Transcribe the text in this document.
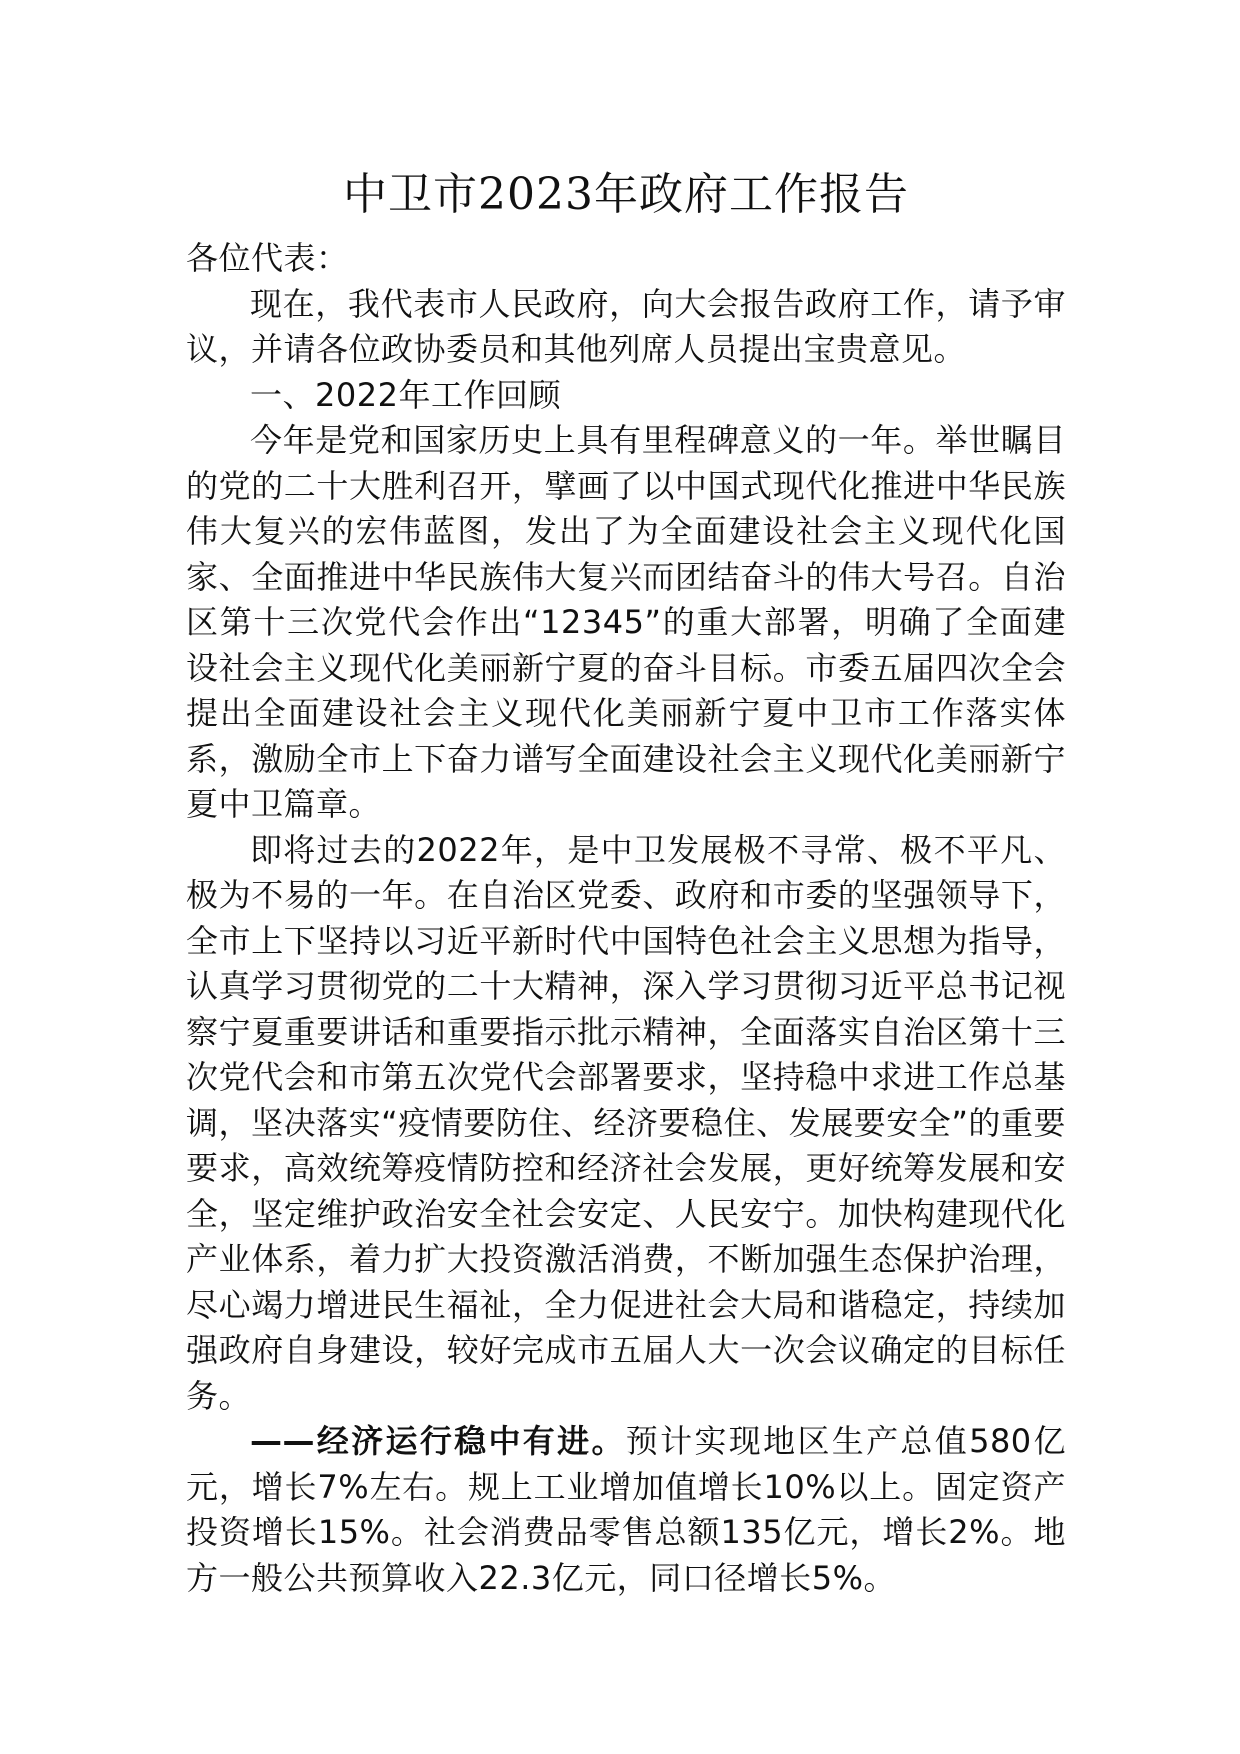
中卫市2023年政府工作报告

各位代表：

现在，我代表市人民政府，向大会报告政府工作，请予审议，并请各位政协委员和其他列席人员提出宝贵意见。

一、2022年工作回顾

今年是党和国家历史上具有里程碑意义的一年。举世瞩目的党的二十大胜利召开，擘画了以中国式现代化推进中华民族伟大复兴的宏伟蓝图，发出了为全面建设社会主义现代化国家、全面推进中华民族伟大复兴而团结奋斗的伟大号召。自治区第十三次党代会作出“12345”的重大部署，明确了全面建设社会主义现代化美丽新宁夏的奋斗目标。市委五届四次全会提出全面建设社会主义现代化美丽新宁夏中卫市工作落实体系，激励全市上下奋力谱写全面建设社会主义现代化美丽新宁夏中卫篇章。

即将过去的2022年，是中卫发展极不寻常、极不平凡、极为不易的一年。在自治区党委、政府和市委的坚强领导下，全市上下坚持以习近平新时代中国特色社会主义思想为指导，认真学习贯彻党的二十大精神，深入学习贯彻习近平总书记视察宁夏重要讲话和重要指示批示精神，全面落实自治区第十三次党代会和市第五次党代会部署要求，坚持稳中求进工作总基调，坚决落实“疫情要防住、经济要稳住、发展要安全”的重要要求，高效统筹疫情防控和经济社会发展，更好统筹发展和安全，坚定维护政治安全社会安定、人民安宁。加快构建现代化产业体系，着力扩大投资激活消费，不断加强生态保护治理，尽心竭力增进民生福祉，全力促进社会大局和谐稳定，持续加强政府自身建设，较好完成市五届人大一次会议确定的目标任务。

——经济运行稳中有进。预计实现地区生产总值580亿元，增长7%左右。规上工业增加值增长10%以上。固定资产投资增长15%。社会消费品零售总额135亿元，增长2%。地方一般公共预算收入22.3亿元，同口径增长5%。
